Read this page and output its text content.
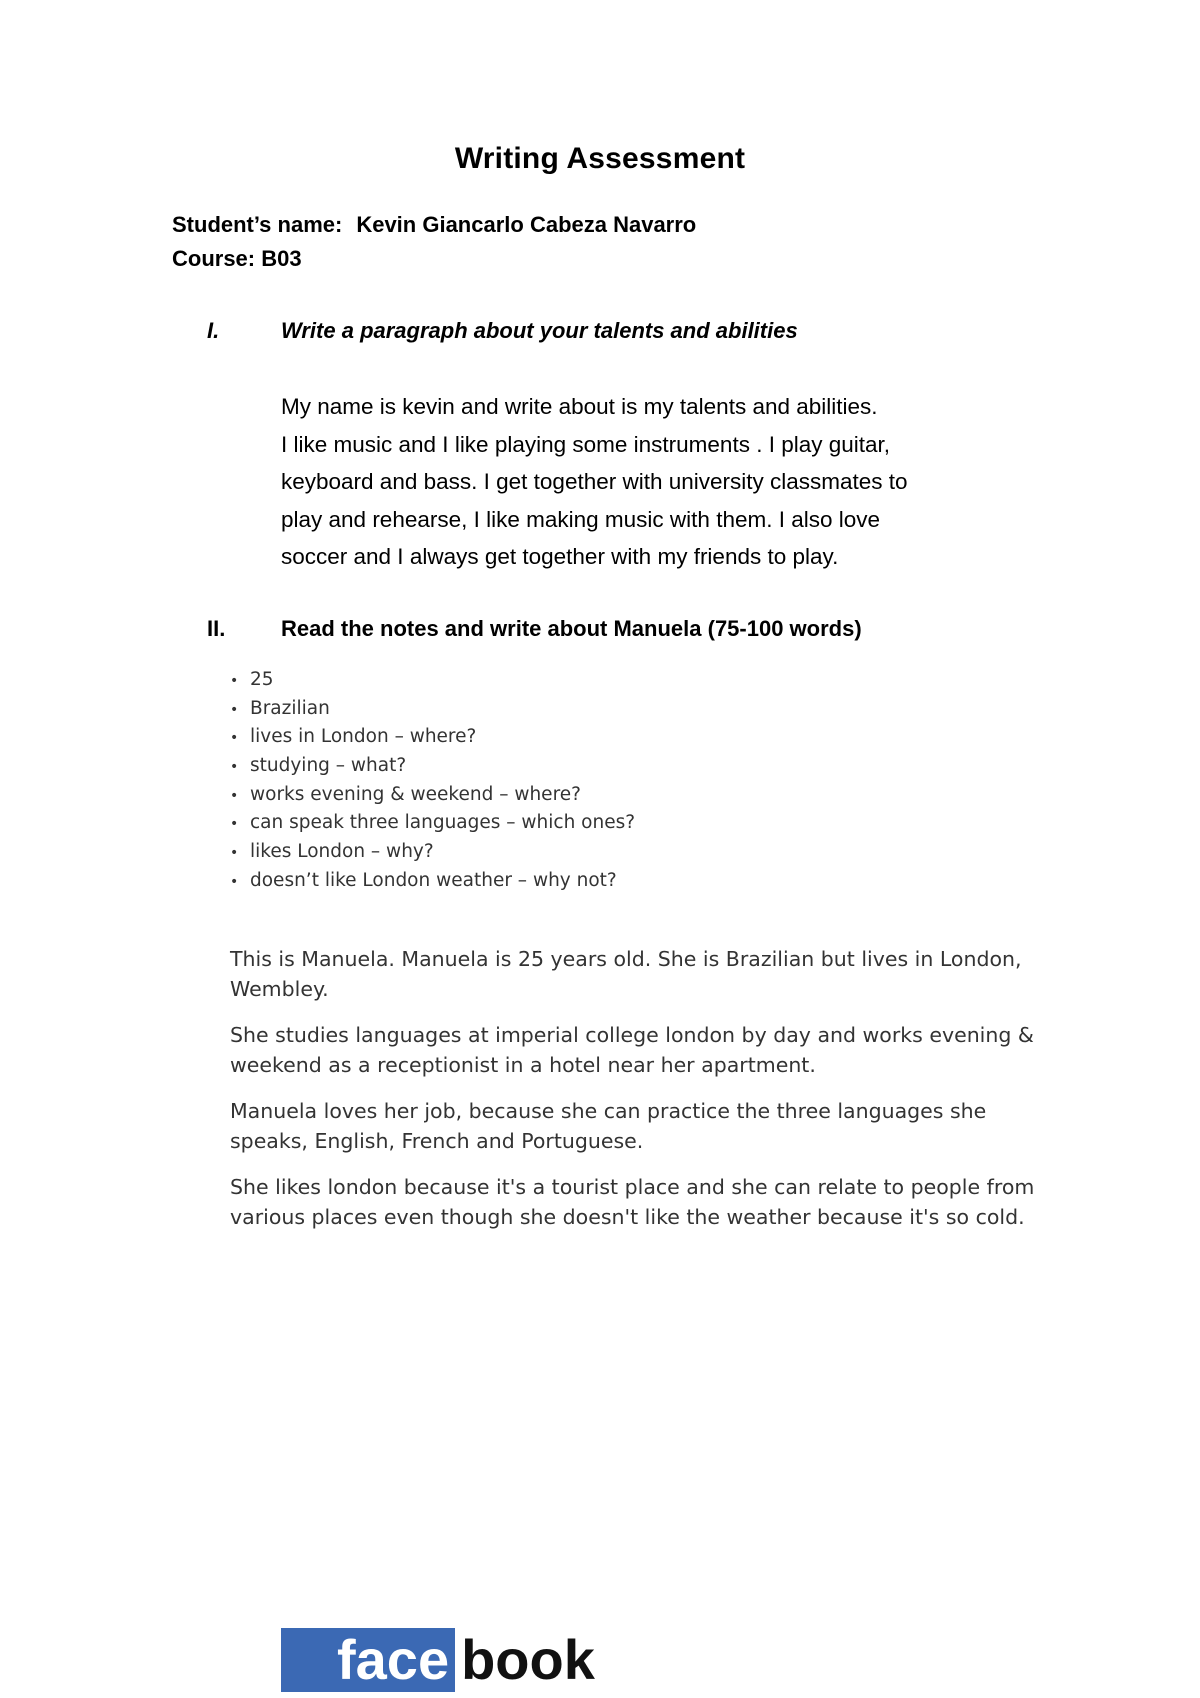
Writing Assessment
Student’s name: Kevin Giancarlo Cabeza Navarro
Course: B03
I.	Write a paragraph about your talents and abilities

My name is kevin and write about is my talents and abilities.

I like music and I like playing some instruments . I play guitar,

keyboard and bass. I get together with university classmates to

play and rehearse, I like making music with them. I also love

soccer and I always get together with my friends to play.

II.	Read the notes and write about Manuela (75-100 words)
• 25
• Brazilian
• lives in London – where?
• studying – what?
• works evening & weekend – where?
• can speak three languages – which ones?
• likes London – why?
• doesn’t like London weather – why not?

This is Manuela. Manuela is 25 years old. She is Brazilian but lives in London, Wembley.

She studies languages at imperial college london by day and works evening & weekend as a receptionist in a hotel near her apartment.

Manuela loves her job, because she can practice the three languages she speaks, English, French and Portuguese.

She likes london because it's a tourist place and she can relate to people from various places even though she doesn't like the weather because it's so cold.

face book
